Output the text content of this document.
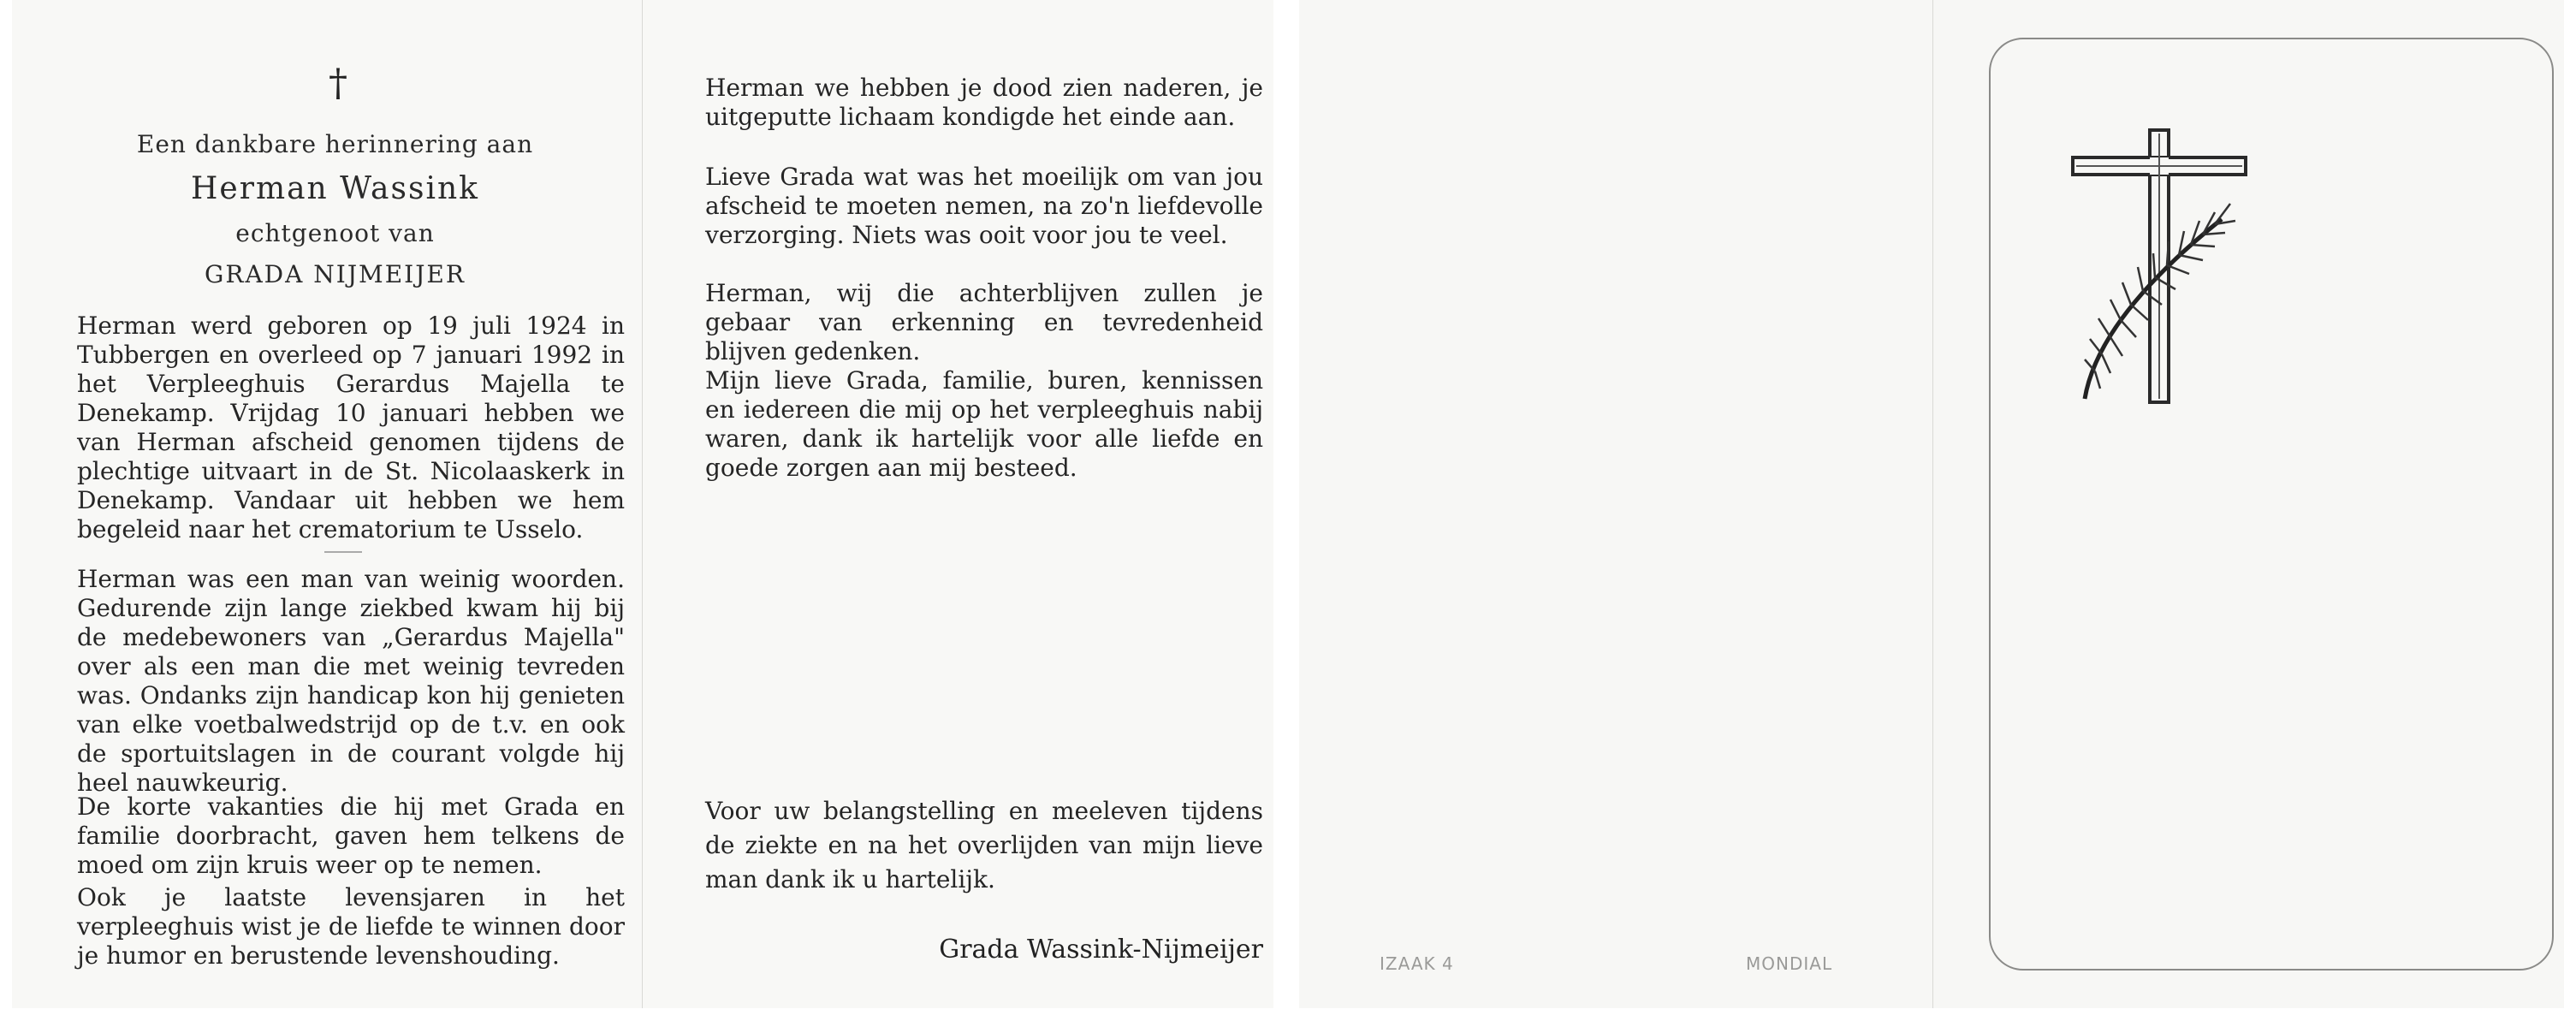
†
Een dankbare herinnering aan
Herman Wassink
echtgenoot van
GRADA NIJMEIJER

Herman werd geboren op 19 juli 1924 in Tubbergen en overleed op 7 januari 1992 in het Verpleeghuis Gerardus Majella te Denekamp. Vrijdag 10 januari hebben we van Herman afscheid genomen tijdens de plechtige uitvaart in de St. Nicolaaskerk in Denekamp. Vandaar uit hebben we hem begeleid naar het crematorium te Usselo.

Herman was een man van weinig woorden. Gedurende zijn lange ziekbed kwam hij bij de medebewoners van „Gerardus Majella" over als een man die met weinig tevreden was. Ondanks zijn handicap kon hij genieten van elke voetbalwedstrijd op de t.v. en ook de sportuitslagen in de courant volgde hij heel nauwkeurig.

De korte vakanties die hij met Grada en familie doorbracht, gaven hem telkens de moed om zijn kruis weer op te nemen.

Ook je laatste levensjaren in het verpleeghuis wist je de liefde te winnen door je humor en berustende levenshouding.

Herman we hebben je dood zien naderen, je uitgeputte lichaam kondigde het einde aan.

Lieve Grada wat was het moeilijk om van jou afscheid te moeten nemen, na zo'n liefdevolle verzorging. Niets was ooit voor jou te veel.

Herman, wij die achterblijven zullen je gebaar van erkenning en tevredenheid blijven gedenken.

Mijn lieve Grada, familie, buren, kennissen en iedereen die mij op het verpleeghuis nabij waren, dank ik hartelijk voor alle liefde en goede zorgen aan mij besteed.

Voor uw belangstelling en meeleven tijdens de ziekte en na het overlijden van mijn lieve man dank ik u hartelijk.

Grada Wassink-Nijmeijer	IZAAK 4	MONDIAL
